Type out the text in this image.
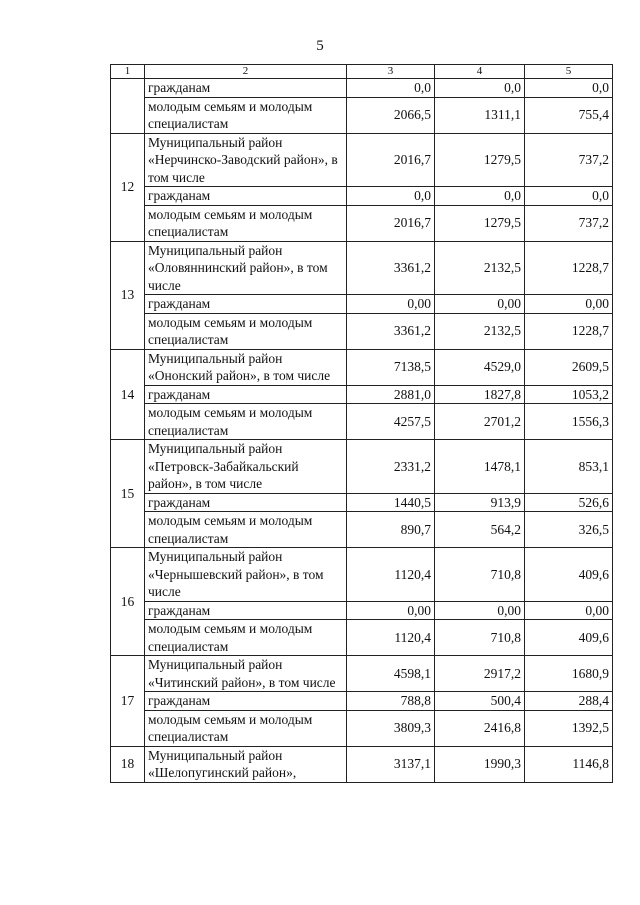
5
1	2	3	4	5
	гражданам	0,0	0,0	0,0
	молодым семьям и молодым специалистам	2066,5	1311,1	755,4
12	Муниципальный район «Нерчинско-Заводский район», в том числе	2016,7	1279,5	737,2
	гражданам	0,0	0,0	0,0
	молодым семьям и молодым специалистам	2016,7	1279,5	737,2
13	Муниципальный район «Оловяннинский район», в том числе	3361,2	2132,5	1228,7
	гражданам	0,00	0,00	0,00
	молодым семьям и молодым специалистам	3361,2	2132,5	1228,7
14	Муниципальный район «Ононский район», в том числе	7138,5	4529,0	2609,5
	гражданам	2881,0	1827,8	1053,2
	молодым семьям и молодым специалистам	4257,5	2701,2	1556,3
15	Муниципальный район «Петровск-Забайкальский район», в том числе	2331,2	1478,1	853,1
	гражданам	1440,5	913,9	526,6
	молодым семьям и молодым специалистам	890,7	564,2	326,5
16	Муниципальный район «Чернышевский район», в том числе	1120,4	710,8	409,6
	гражданам	0,00	0,00	0,00
	молодым семьям и молодым специалистам	1120,4	710,8	409,6
17	Муниципальный район «Читинский район», в том числе	4598,1	2917,2	1680,9
	гражданам	788,8	500,4	288,4
	молодым семьям и молодым специалистам	3809,3	2416,8	1392,5
18	Муниципальный район «Шелопугинский район»,	3137,1	1990,3	1146,8
